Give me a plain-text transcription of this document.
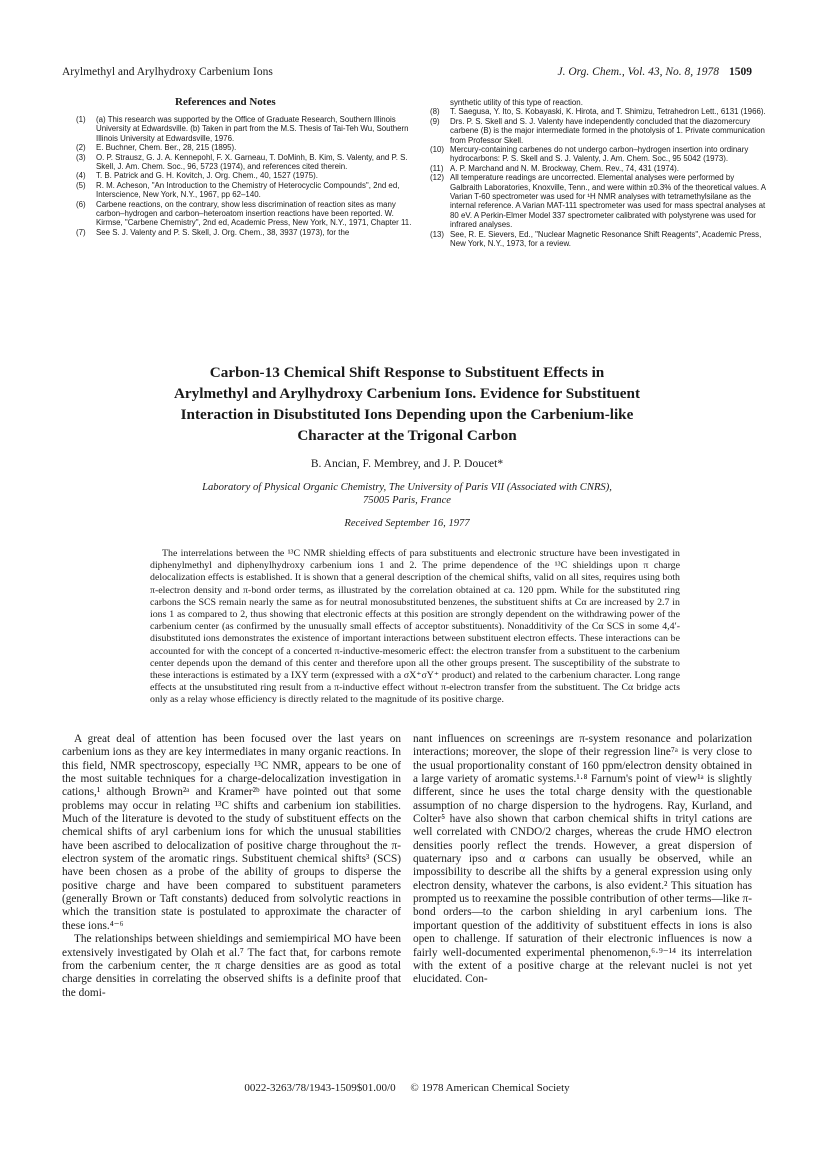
Arylmethyl and Arylhydroxy Carbenium Ions	J. Org. Chem., Vol. 43, No. 8, 1978 1509
References and Notes
(1) (a) This research was supported by the Office of Graduate Research, Southern Illinois University at Edwardsville. (b) Taken in part from the M.S. Thesis of Tai-Teh Wu, Southern Illinois University at Edwardsville, 1976.
(2) E. Buchner, Chem. Ber., 28, 215 (1895).
(3) O. P. Strausz, G. J. A. Kennepohl, F. X. Garneau, T. DoMinh, B. Kim, S. Valenty, and P. S. Skell, J. Am. Chem. Soc., 96, 5723 (1974), and references cited therein.
(4) T. B. Patrick and G. H. Kovitch, J. Org. Chem., 40, 1527 (1975).
(5) R. M. Acheson, "An Introduction to the Chemistry of Heterocyclic Compounds", 2nd ed, Interscience, New York, N.Y., 1967, pp 62–140.
(6) Carbene reactions, on the contrary, show less discrimination of reaction sites as many carbon–hydrogen and carbon–heteroatom insertion reactions have been reported. W. Kirmse, "Carbene Chemistry", 2nd ed, Academic Press, New York, N.Y., 1971, Chapter 11.
(7) See S. J. Valenty and P. S. Skell, J. Org. Chem., 38, 3937 (1973), for the
synthetic utility of this type of reaction.
(8) T. Saegusa, Y. Ito, S. Kobayaski, K. Hirota, and T. Shimizu, Tetrahedron Lett., 6131 (1966).
(9) Drs. P. S. Skell and S. J. Valenty have independently concluded that the diazomercury carbene (B) is the major intermediate formed in the photolysis of 1. Private communication from Professor Skell.
(10) Mercury-containing carbenes do not undergo carbon–hydrogen insertion into ordinary hydrocarbons: P. S. Skell and S. J. Valenty, J. Am. Chem. Soc., 95 5042 (1973).
(11) A. P. Marchand and N. M. Brockway, Chem. Rev., 74, 431 (1974).
(12) All temperature readings are uncorrected. Elemental analyses were performed by Galbraith Laboratories, Knoxville, Tenn., and were within ±0.3% of the theoretical values. A Varian T-60 spectrometer was used for ¹H NMR analyses with tetramethylsilane as the internal reference. A Varian MAT-111 spectrometer was used for mass spectral analyses at 80 eV. A Perkin-Elmer Model 337 spectrometer calibrated with polystyrene was used for infrared analyses.
(13) See, R. E. Sievers, Ed., "Nuclear Magnetic Resonance Shift Reagents", Academic Press, New York, N.Y., 1973, for a review.
Carbon-13 Chemical Shift Response to Substituent Effects in
Arylmethyl and Arylhydroxy Carbenium Ions. Evidence for Substituent
Interaction in Disubstituted Ions Depending upon the Carbenium-like
Character at the Trigonal Carbon
B. Ancian, F. Membrey, and J. P. Doucet*
Laboratory of Physical Organic Chemistry, The University of Paris VII (Associated with CNRS),
75005 Paris, France
Received September 16, 1977

The interrelations between the ¹³C NMR shielding effects of para substituents and electronic structure have been investigated in diphenylmethyl and diphenylhydroxy carbenium ions 1 and 2. The prime dependence of the ¹³C shieldings upon π charge delocalization effects is established. It is shown that a general description of the chemical shifts, valid on all sites, requires using both π-electron density and π-bond order terms, as illustrated by the correlation obtained at ca. 120 ppm. While for the substituted ring carbons the SCS remain nearly the same as for neutral monosubstituted benzenes, the substituent shifts at Cα are increased by 2.7 in ions 1 as compared to 2, thus showing that electronic effects at this position are strongly dependent on the withdrawing power of the carbenium center (as confirmed by the unusually small effects of acceptor substituents). Nonadditivity of the Cα SCS in some 4,4′-disubstituted ions demonstrates the existence of important interactions between substituent electron effects. These interactions can be accounted for with the concept of a concerted π-inductive-mesomeric effect: the electron transfer from a substituent to the carbenium center depends upon the demand of this center and therefore upon all the other groups present. The susceptibility of the substrate to these interactions is estimated by a IXY term (expressed with a σX⁺σY⁺ product) and related to the carbenium character. Long range effects at the unsubstituted ring result from a π-inductive effect without π-electron transfer from the substituent. The Cα bridge acts only as a relay whose efficiency is directly related to the magnitude of its positive charge.

A great deal of attention has been focused over the last years on carbenium ions as they are key intermediates in many organic reactions. In this field, NMR spectroscopy, especially ¹³C NMR, appears to be one of the most suitable techniques for a charge-delocalization investigation in cations,¹ although Brown²ᵃ and Kramer²ᵇ have pointed out that some problems may occur in relating ¹³C shifts and carbenium ion stabilities. Much of the literature is devoted to the study of substituent effects on the chemical shifts of aryl carbenium ions for which the unusual stabilities have been ascribed to delocalization of positive charge throughout the π-electron system of the aromatic rings. Substituent chemical shifts³ (SCS) have been chosen as a probe of the ability of groups to disperse the positive charge and have been compared to substituent parameters (generally Brown or Taft constants) deduced from solvolytic reactions in which the transition state is postulated to approximate the character of these ions.⁴⁻⁶

The relationships between shieldings and semiempirical MO have been extensively investigated by Olah et al.⁷ The fact that, for carbons remote from the carbenium center, the π charge densities are as good as total charge densities in correlating the observed shifts is a definite proof that the domi-

nant influences on screenings are π-system resonance and polarization interactions; moreover, the slope of their regression line⁷ᵃ is very close to the usual proportionality constant of 160 ppm/electron density obtained in a large variety of aromatic systems.¹·⁸ Farnum's point of view¹ᵃ is slightly different, since he uses the total charge density with the questionable assumption of no charge dispersion to the hydrogens. Ray, Kurland, and Colter⁵ have also shown that carbon chemical shifts in trityl cations are well correlated with CNDO/2 charges, whereas the crude HMO electron densities poorly reflect the trends. However, a great dispersion of quaternary ipso and α carbons can usually be observed, while an impossibility to describe all the shifts by a general expression using only electron density, whatever the carbons, is also evident.² This situation has prompted us to reexamine the possible contribution of other terms—like π-bond orders—to the carbon shielding in aryl carbenium ions. The important question of the additivity of substituent effects in ions is also open to challenge. If saturation of their electronic influences is now a fairly well-documented experimental phenomenon,⁶·⁹⁻¹⁴ its interrelation with the extent of a positive charge at the relevant nuclei is not yet elucidated. Con-

0022-3263/78/1943-1509$01.00/0 © 1978 American Chemical Society
